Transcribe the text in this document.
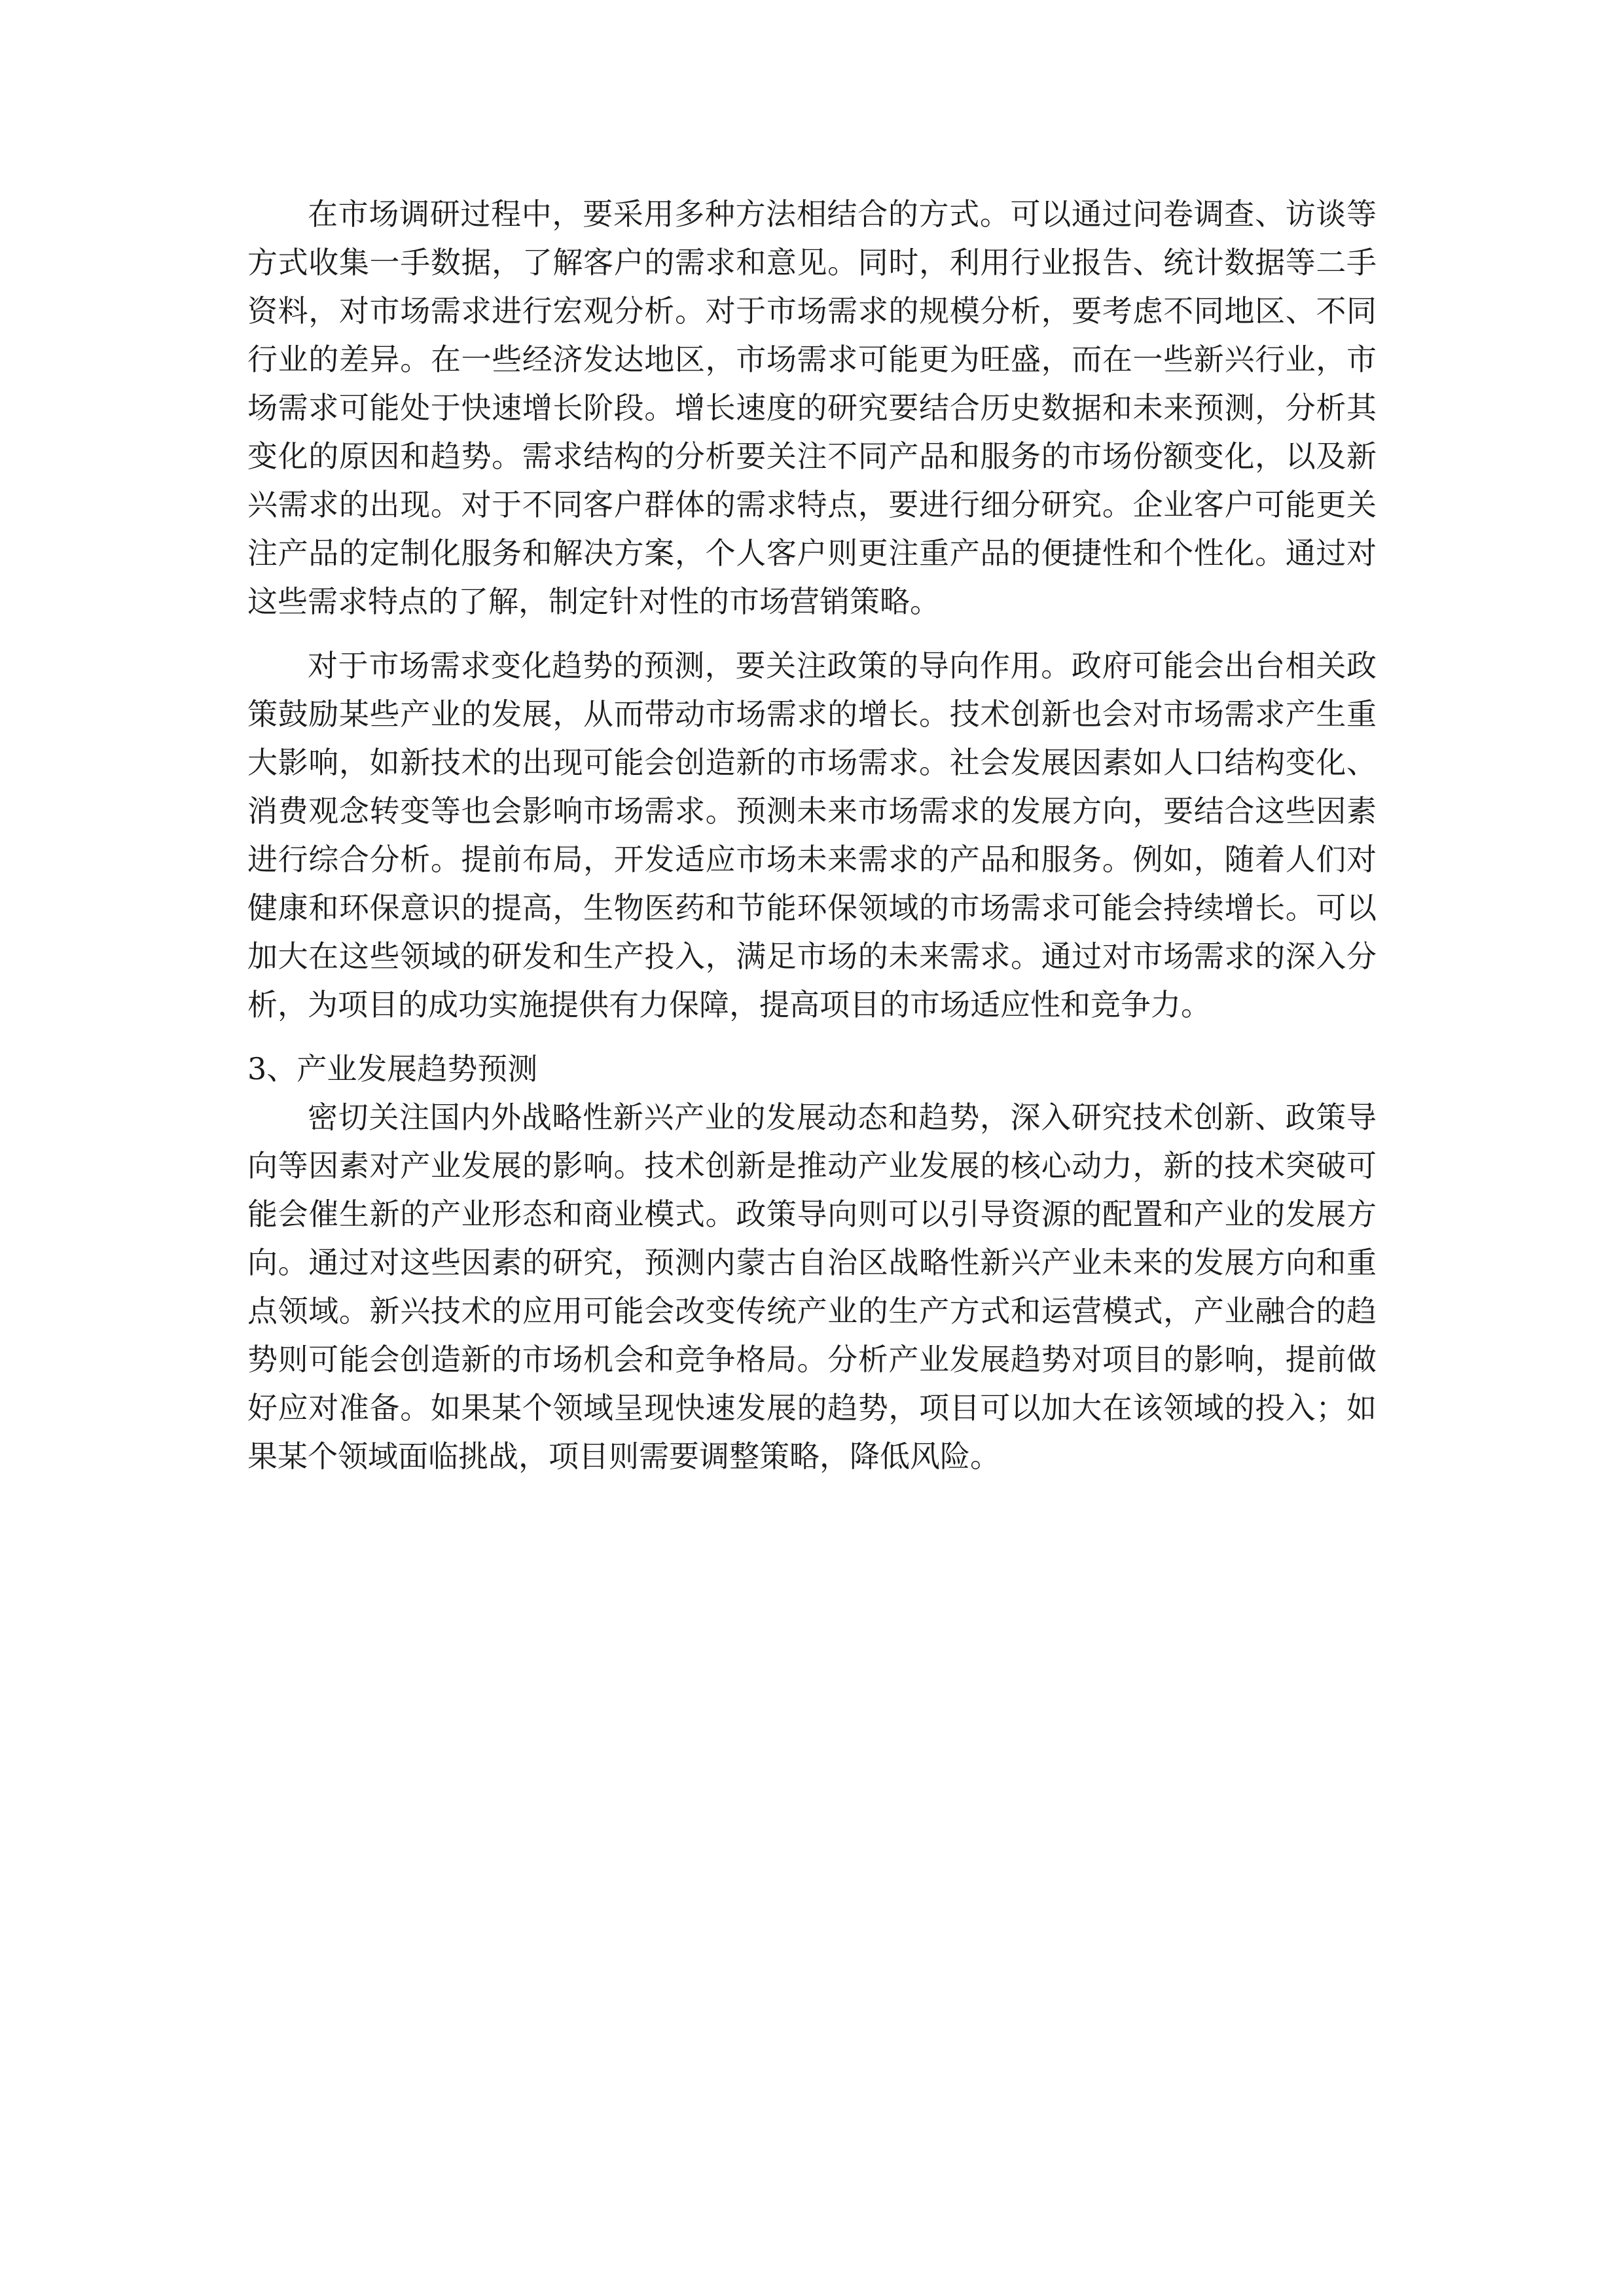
在市场调研过程中，要采用多种方法相结合的方式。可以通过问卷调查、访谈等方式收集一手数据，了解客户的需求和意见。同时，利用行业报告、统计数据等二手资料，对市场需求进行宏观分析。对于市场需求的规模分析，要考虑不同地区、不同行业的差异。在一些经济发达地区，市场需求可能更为旺盛，而在一些新兴行业，市场需求可能处于快速增长阶段。增长速度的研究要结合历史数据和未来预测，分析其变化的原因和趋势。需求结构的分析要关注不同产品和服务的市场份额变化，以及新兴需求的出现。对于不同客户群体的需求特点，要进行细分研究。企业客户可能更关注产品的定制化服务和解决方案，个人客户则更注重产品的便捷性和个性化。通过对这些需求特点的了解，制定针对性的市场营销策略。

对于市场需求变化趋势的预测，要关注政策的导向作用。政府可能会出台相关政策鼓励某些产业的发展，从而带动市场需求的增长。技术创新也会对市场需求产生重大影响，如新技术的出现可能会创造新的市场需求。社会发展因素如人口结构变化、消费观念转变等也会影响市场需求。预测未来市场需求的发展方向，要结合这些因素进行综合分析。提前布局，开发适应市场未来需求的产品和服务。例如，随着人们对健康和环保意识的提高，生物医药和节能环保领域的市场需求可能会持续增长。可以加大在这些领域的研发和生产投入，满足市场的未来需求。通过对市场需求的深入分析，为项目的成功实施提供有力保障，提高项目的市场适应性和竞争力。

3、产业发展趋势预测

密切关注国内外战略性新兴产业的发展动态和趋势，深入研究技术创新、政策导向等因素对产业发展的影响。技术创新是推动产业发展的核心动力，新的技术突破可能会催生新的产业形态和商业模式。政策导向则可以引导资源的配置和产业的发展方向。通过对这些因素的研究，预测内蒙古自治区战略性新兴产业未来的发展方向和重点领域。新兴技术的应用可能会改变传统产业的生产方式和运营模式，产业融合的趋势则可能会创造新的市场机会和竞争格局。分析产业发展趋势对项目的影响，提前做好应对准备。如果某个领域呈现快速发展的趋势，项目可以加大在该领域的投入；如果某个领域面临挑战，项目则需要调整策略，降低风险。
